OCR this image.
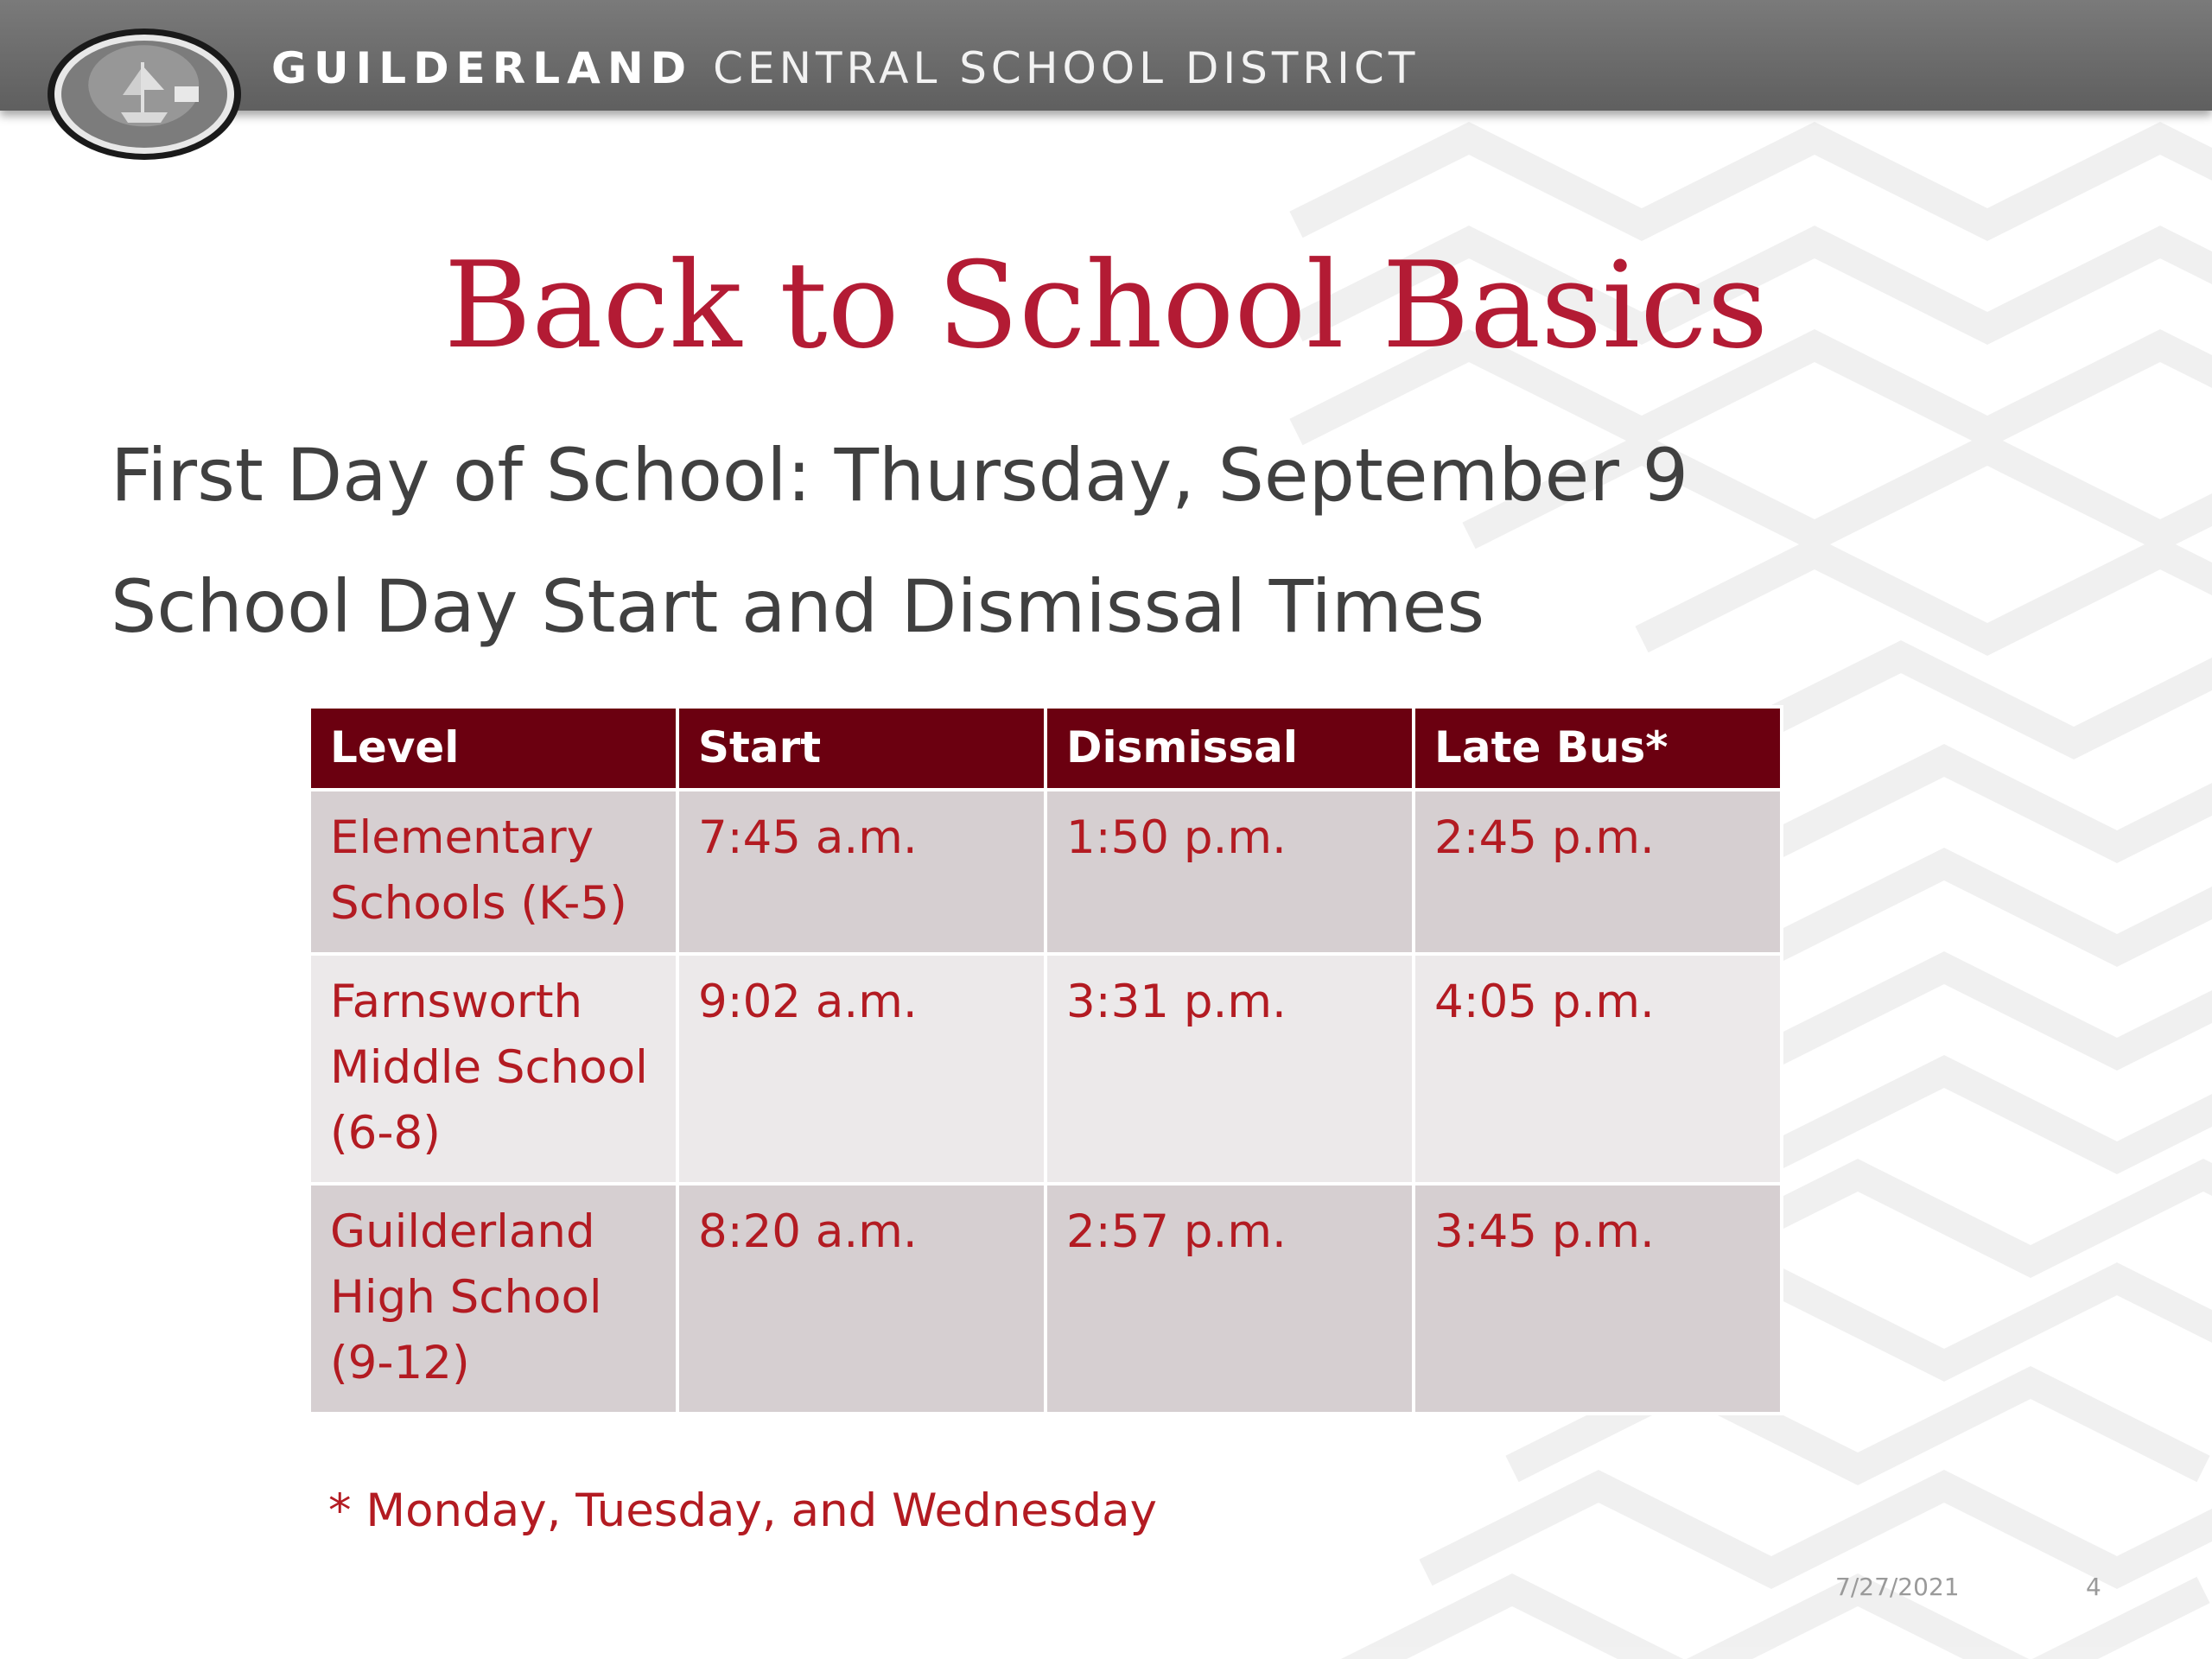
GUILDERLAND CENTRAL SCHOOL DISTRICT
Back to School Basics
First Day of School: Thursday, September 9
School Day Start and Dismissal Times
Level	Start	Dismissal	Late Bus*
Elementary Schools (K-5)	7:45 a.m.	1:50 p.m.	2:45 p.m.
Farnsworth Middle School (6-8)	9:02 a.m.	3:31 p.m.	4:05 p.m.
Guilderland High School (9-12)	8:20 a.m.	2:57 p.m.	3:45 p.m.
* Monday, Tuesday, and Wednesday
7/27/2021	4
